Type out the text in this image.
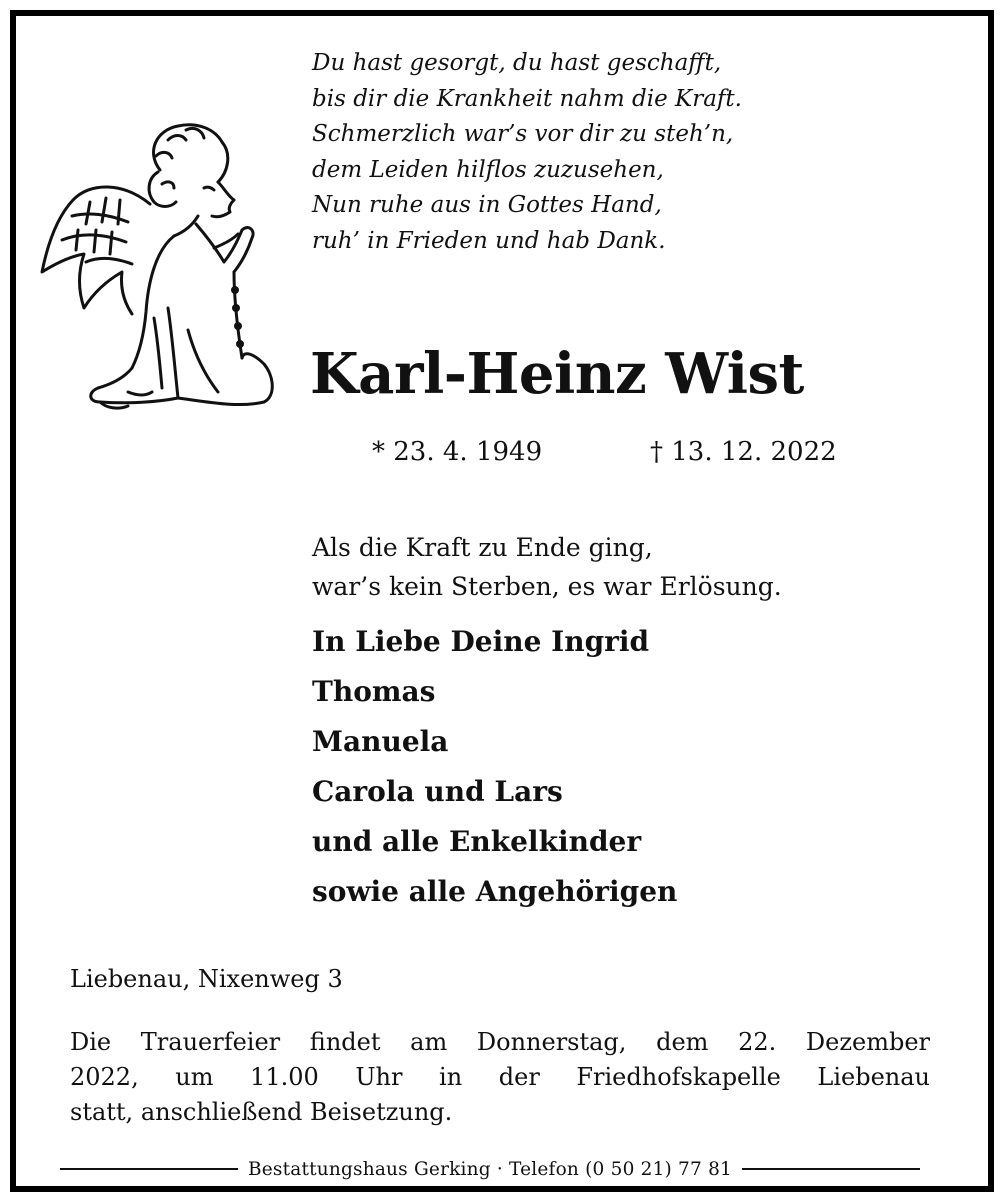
Du hast gesorgt, du hast geschafft,
bis dir die Krankheit nahm die Kraft.
Schmerzlich war’s vor dir zu steh’n,
dem Leiden hilflos zuzusehen,
Nun ruhe aus in Gottes Hand,
ruh’ in Frieden und hab Dank.
Karl-Heinz Wist
* 23. 4. 1949	† 13. 12. 2022
Als die Kraft zu Ende ging,
war’s kein Sterben, es war Erlösung.
In Liebe Deine Ingrid
Thomas
Manuela
Carola und Lars
und alle Enkelkinder
sowie alle Angehörigen
Liebenau, Nixenweg 3
Die Trauerfeier findet am Donnerstag, dem 22. Dezember
2022, um 11.00 Uhr in der Friedhofskapelle Liebenau
statt, anschließend Beisetzung.
Bestattungshaus Gerking · Telefon (0 50 21) 77 81
